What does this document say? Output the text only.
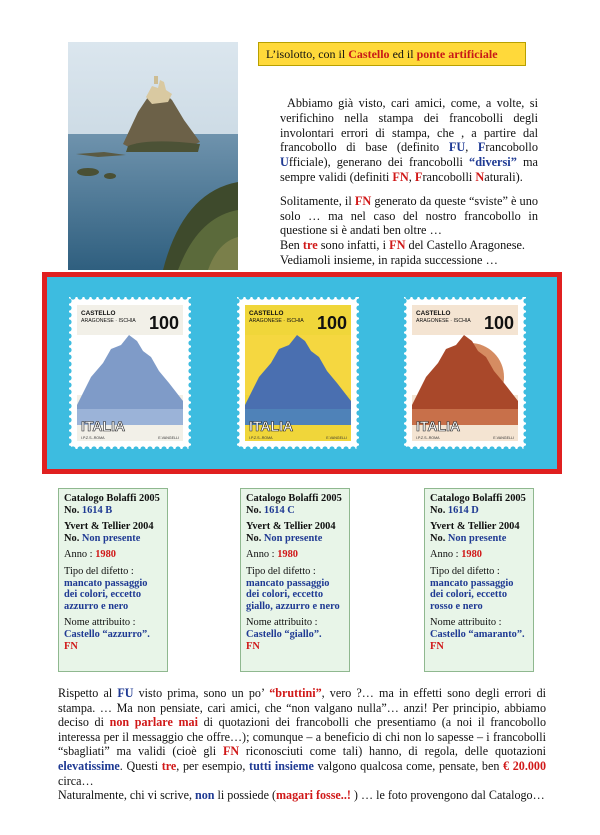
L’isolotto, con il Castello ed il ponte artificiale

Abbiamo già visto, cari amici, come, a volte, si verifichino nella stampa dei francobolli degli involontari errori di stampa, che , a partire dal francobollo di base (definito FU, Francobollo Ufficiale), generano dei francobolli “diversi” ma sempre validi (definiti FN, Francobolli Naturali).

Solitamente, il FN generato da queste “sviste” è uno solo … ma nel caso del nostro francobollo in questione si è andati ben oltre …
Ben tre sono infatti, i FN del Castello Aragonese.
Vediamoli insieme, in rapida successione …

CASTELLO
ARAGONESE · ISCHIA 100
ITALIA
I.P.Z.S.-ROMA	E.VANGELLI
CASTELLO
ARAGONESE · ISCHIA 100
ITALIA
I.P.Z.S.-ROMA	E.VANGELLI
CASTELLO
ARAGONESE · ISCHIA 100
ITALIA
I.P.Z.S.-ROMA	E.VANGELLI
Catalogo Bolaffi 2005
No. 1614 B
Yvert & Tellier 2004
No. Non presente
Anno : 1980
Tipo del difetto :
mancato passaggio dei colori, eccetto azzurro e nero
Nome attribuito :
Castello “azzurro”.
FN
Catalogo Bolaffi 2005
No. 1614 C
Yvert & Tellier 2004
No. Non presente
Anno : 1980
Tipo del difetto :
mancato passaggio dei colori, eccetto giallo, azzurro e nero
Nome attribuito :
Castello “giallo”.
FN
Catalogo Bolaffi 2005
No. 1614 D
Yvert & Tellier 2004
No. Non presente
Anno : 1980
Tipo del difetto :
mancato passaggio dei colori, eccetto rosso e nero
Nome attribuito :
Castello “amaranto”.
FN
Rispetto al FU visto prima, sono un po’ “bruttini”, vero ?… ma in effetti sono degli errori di stampa. … Ma non pensiate, cari amici, che “non valgano nulla”… anzi! Per principio, abbiamo deciso di non parlare mai di quotazioni dei francobolli che presentiamo (a noi il francobollo interessa per il messaggio che offre…); comunque – a beneficio di chi non lo sapesse – i francobolli “sbagliati” ma validi (cioè gli FN riconosciuti come tali) hanno, di regola, delle quotazioni elevatissime. Questi tre, per esempio, tutti insieme valgono qualcosa come, pensate, ben € 20.000 circa…
Naturalmente, chi vi scrive, non li possiede (magari fosse..! ) … le foto provengono dal Catalogo…
